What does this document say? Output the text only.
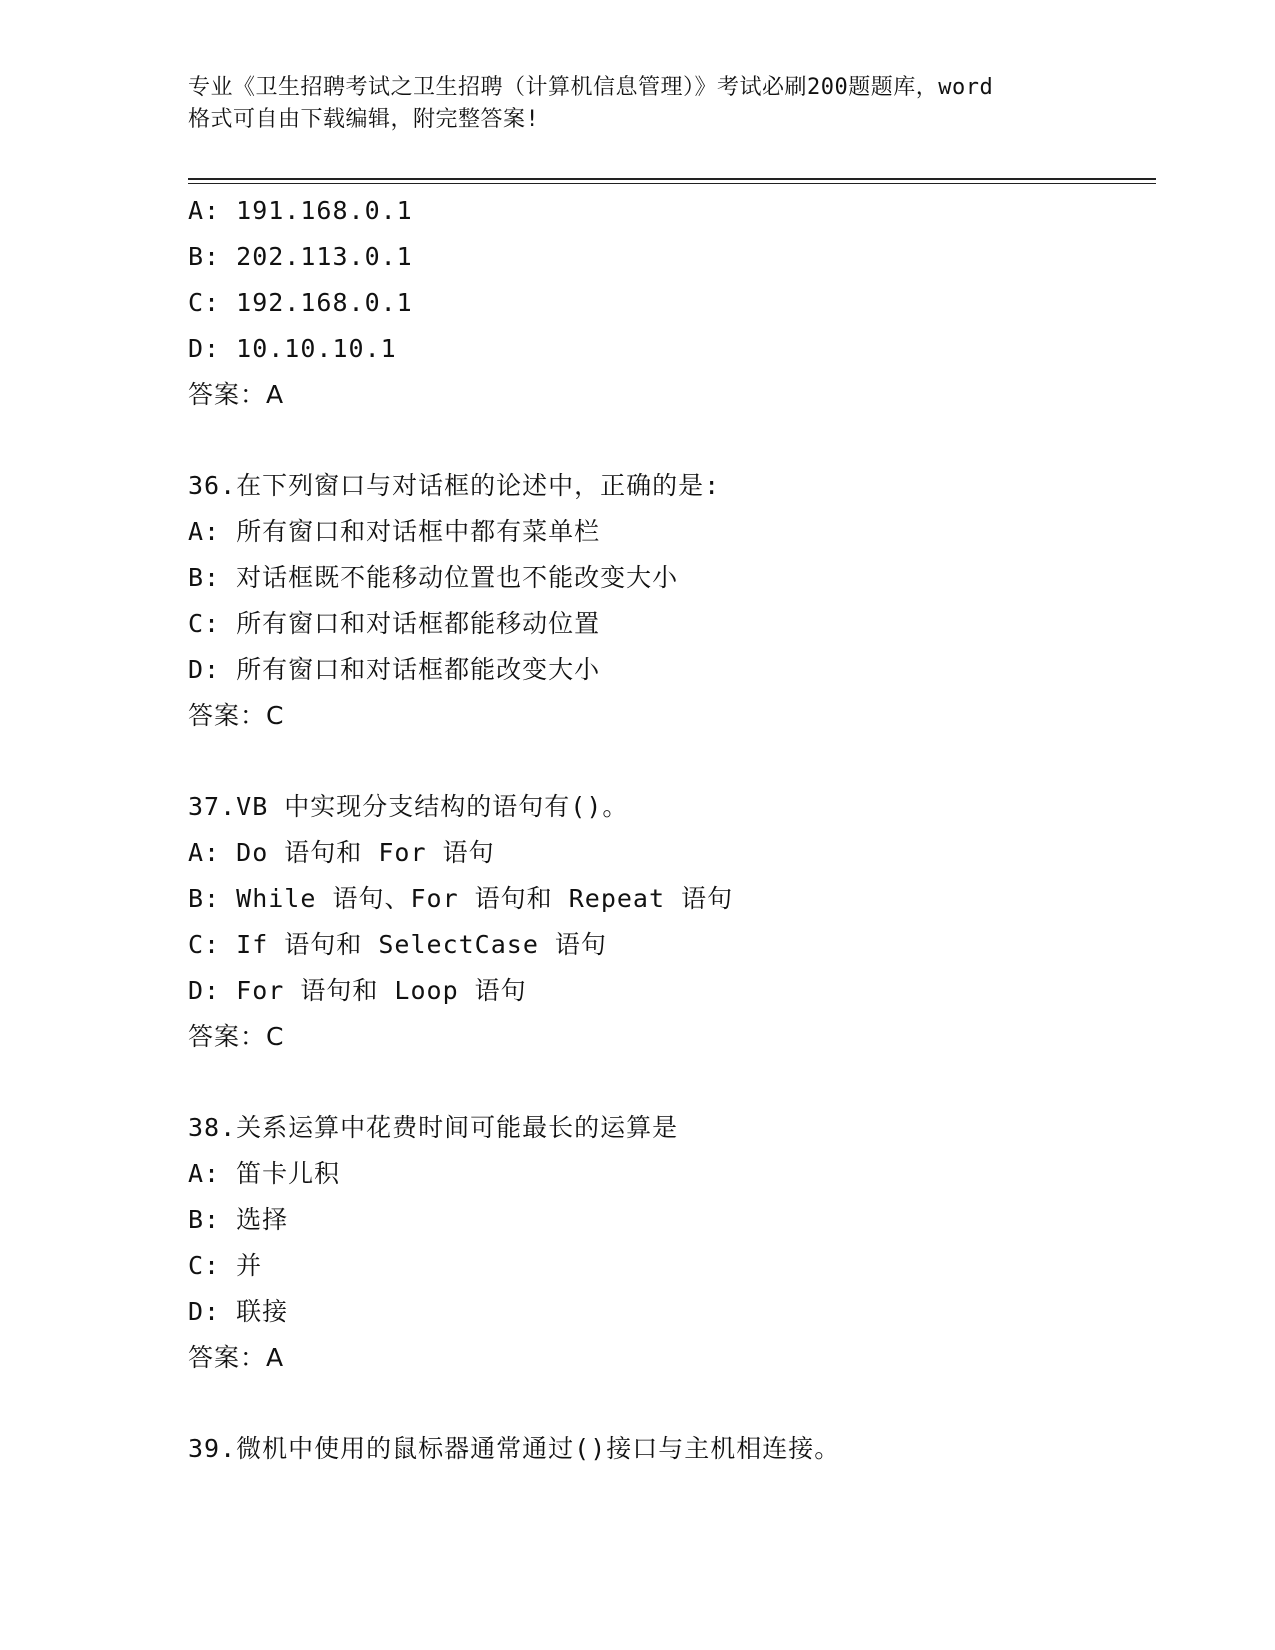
专业《卫生招聘考试之卫生招聘（计算机信息管理）》考试必刷200题题库，word
格式可自由下载编辑，附完整答案!
A: 191.168.0.1
B: 202.113.0.1
C: 192.168.0.1
D: 10.10.10.1
答案：A
36.在下列窗口与对话框的论述中，正确的是:
A: 所有窗口和对话框中都有菜单栏
B: 对话框既不能移动位置也不能改变大小
C: 所有窗口和对话框都能移动位置
D: 所有窗口和对话框都能改变大小
答案：C
37.VB 中实现分支结构的语句有()。
A: Do 语句和 For 语句
B: While 语句、For 语句和 Repeat 语句
C: If 语句和 SelectCase 语句
D: For 语句和 Loop 语句
答案：C
38.关系运算中花费时间可能最长的运算是
A: 笛卡儿积
B: 选择
C: 并
D: 联接
答案：A
39.微机中使用的鼠标器通常通过()接口与主机相连接。
